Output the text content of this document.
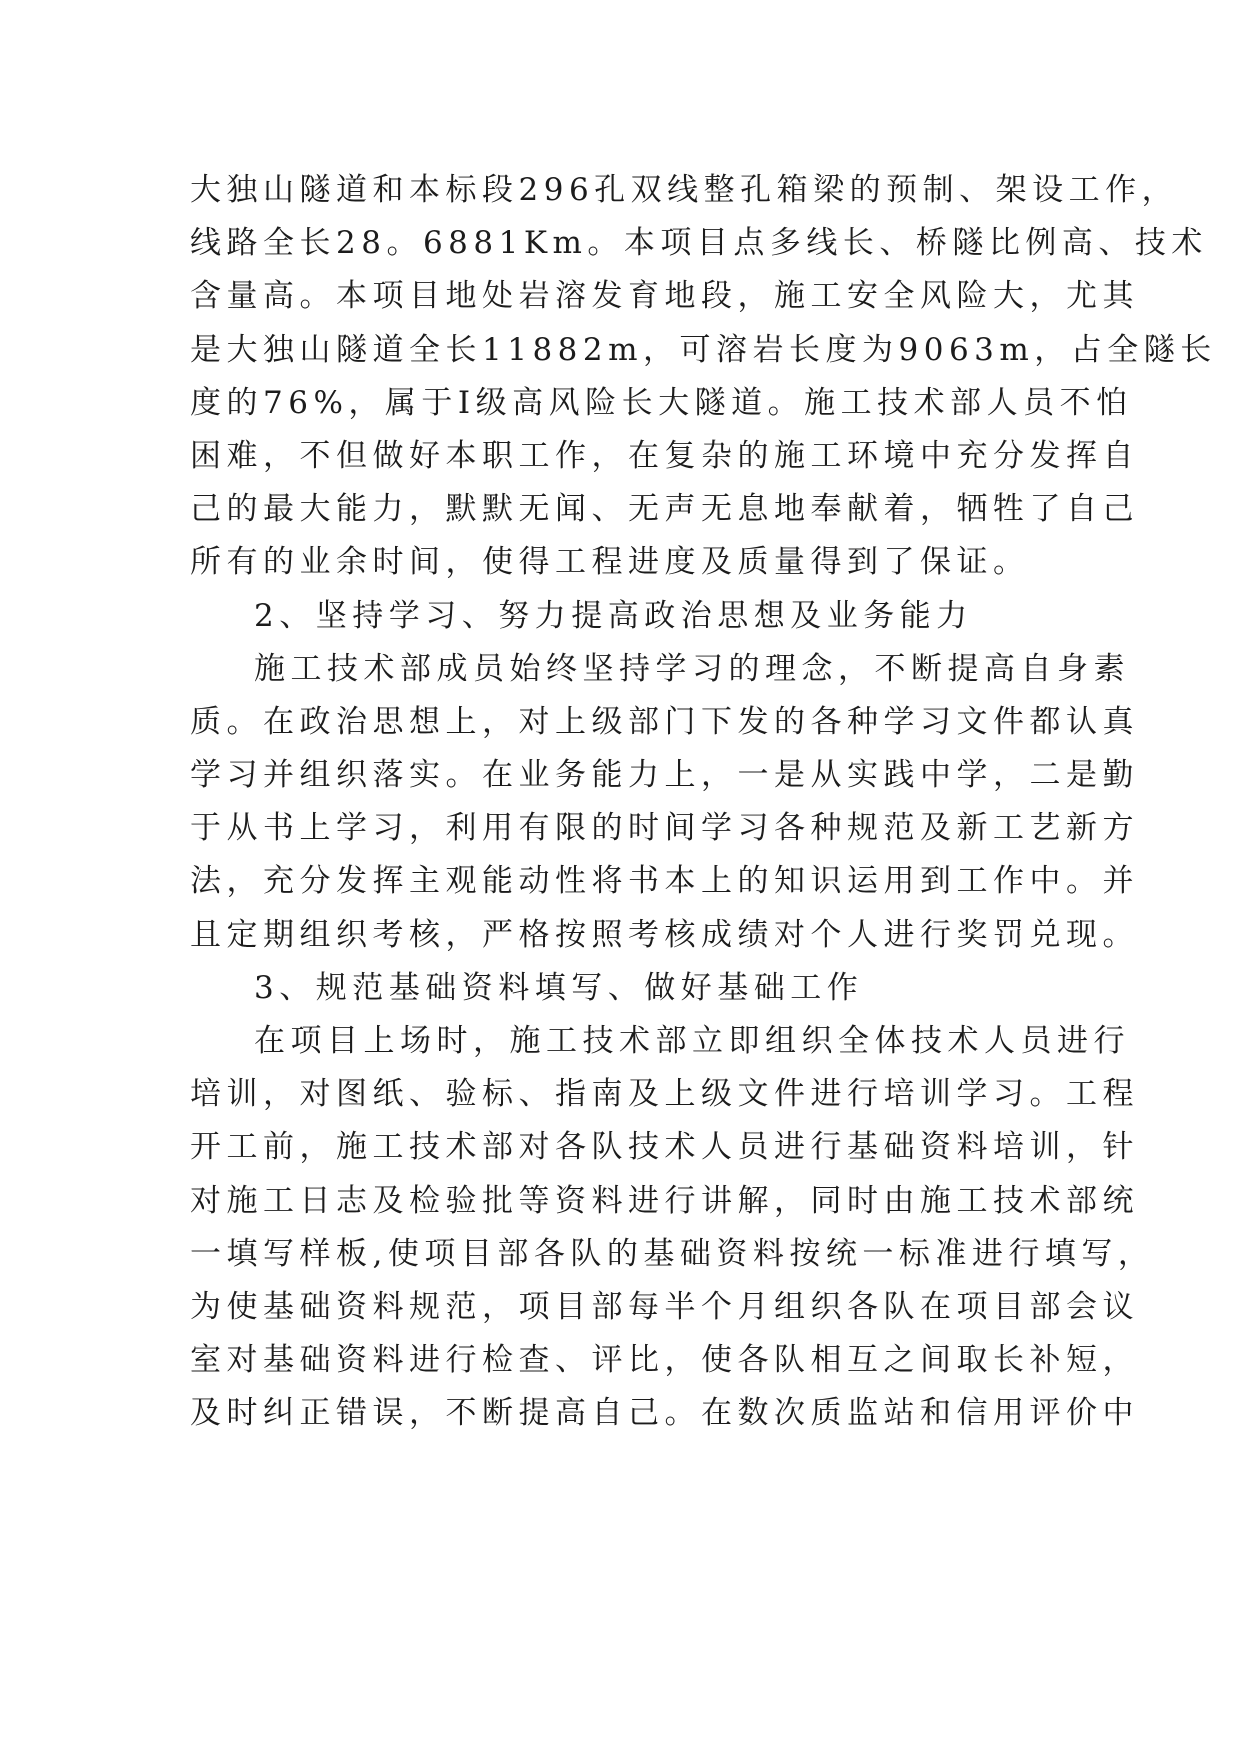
大独山隧道和本标段296孔双线整孔箱梁的预制、架设工作，
线路全长28。6881Km。本项目点多线长、桥隧比例高、技术
含量高。本项目地处岩溶发育地段，施工安全风险大，尤其
是大独山隧道全长11882m，可溶岩长度为9063m，占全隧长
度的76%，属于Ⅰ级高风险长大隧道。施工技术部人员不怕
困难，不但做好本职工作，在复杂的施工环境中充分发挥自
己的最大能力，默默无闻、无声无息地奉献着，牺牲了自己
所有的业余时间，使得工程进度及质量得到了保证。
2、坚持学习、努力提高政治思想及业务能力
施工技术部成员始终坚持学习的理念，不断提高自身素
质。在政治思想上，对上级部门下发的各种学习文件都认真
学习并组织落实。在业务能力上，一是从实践中学，二是勤
于从书上学习，利用有限的时间学习各种规范及新工艺新方
法，充分发挥主观能动性将书本上的知识运用到工作中。并
且定期组织考核，严格按照考核成绩对个人进行奖罚兑现。
3、规范基础资料填写、做好基础工作
在项目上场时，施工技术部立即组织全体技术人员进行
培训，对图纸、验标、指南及上级文件进行培训学习。工程
开工前，施工技术部对各队技术人员进行基础资料培训，针
对施工日志及检验批等资料进行讲解，同时由施工技术部统
一填写样板,使项目部各队的基础资料按统一标准进行填写，
为使基础资料规范，项目部每半个月组织各队在项目部会议
室对基础资料进行检查、评比，使各队相互之间取长补短，
及时纠正错误，不断提高自己。在数次质监站和信用评价中
